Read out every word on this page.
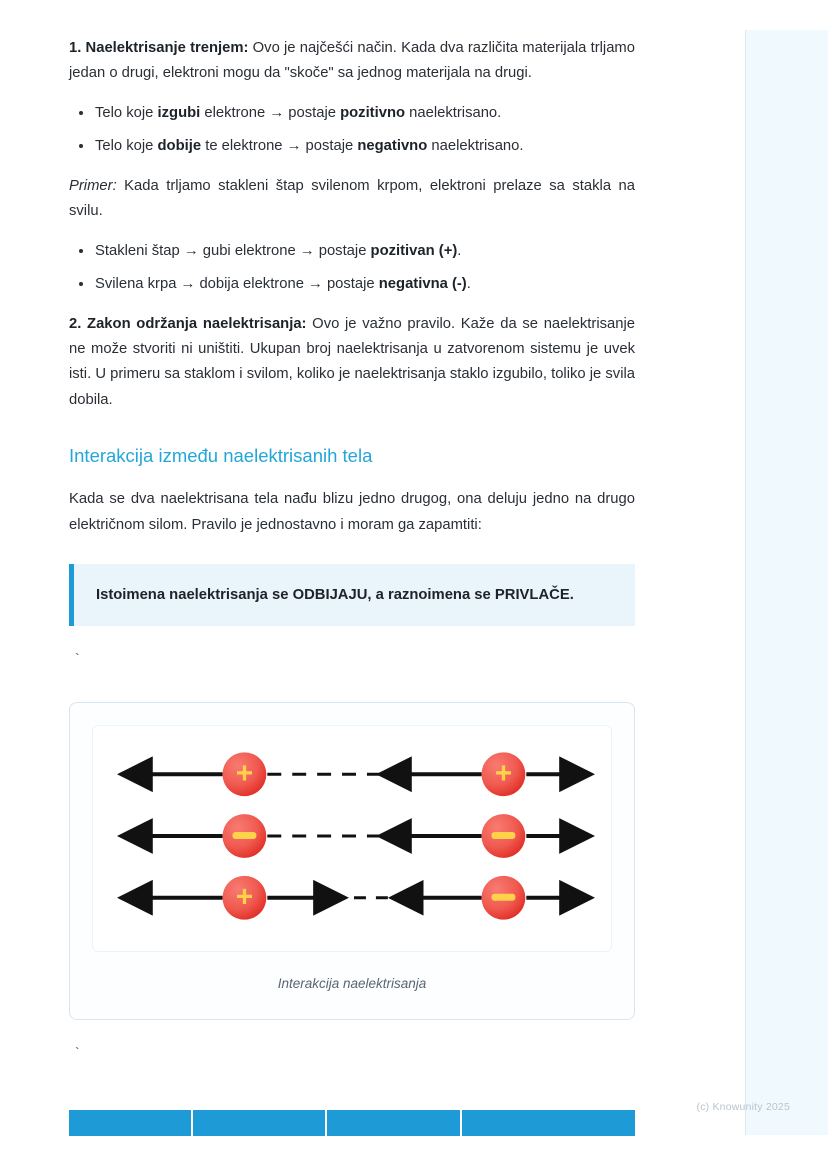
1. Naelektrisanje trenjem: Ovo je najčešći način. Kada dva različita materijala trljamo jedan o drugi, elektroni mogu da "skoče" sa jednog materijala na drugi.

Telo koje izgubi elektrone → postaje pozitivno naelektrisano.
Telo koje dobije te elektrone → postaje negativno naelektrisano.

Primer: Kada trljamo stakleni štap svilenom krpom, elektroni prelaze sa stakla na svilu.

Stakleni štap → gubi elektrone → postaje pozitivan (+).
Svilena krpa → dobija elektrone → postaje negativna (-).

2. Zakon održanja naelektrisanja: Ovo je važno pravilo. Kaže da se naelektrisanje ne može stvoriti ni uništiti. Ukupan broj naelektrisanja u zatvorenom sistemu je uvek isti. U primeru sa staklom i svilom, koliko je naelektrisanja staklo izgubilo, toliko je svila dobila.

Interakcija između naelektrisanih tela

Kada se dva naelektrisana tela nađu blizu jedno drugog, ona deluju jedno na drugo električnom silom. Pravilo je jednostavno i moram ga zapamtiti:

Istoimena naelektrisanja se ODBIJAJU, a raznoimena se PRIVLAČE.

`
+	+
+
Interakcija naelektrisanja
`
(c) Knowunity 2025
